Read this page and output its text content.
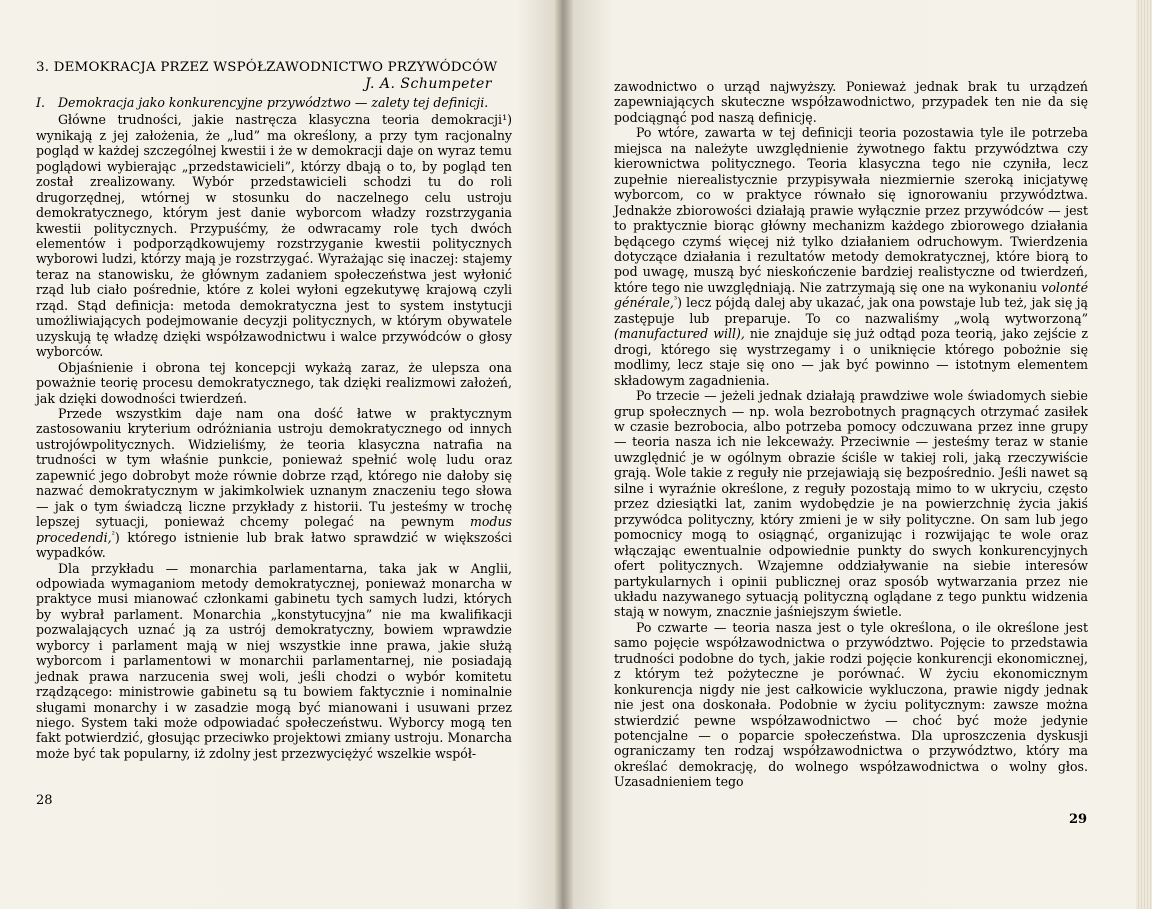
3. DEMOKRACJA PRZEZ WSPÓŁZAWODNICTWO PRZYWÓDCÓW

J. A. Schumpeter

I. Demokracja jako konkurencyjne przywództwo — zalety tej definicji.

Główne trudności, jakie nastręcza klasyczna teoria demokracji¹) wynikają z jej założenia, że „lud” ma określony, a przy tym racjonalny pogląd w każdej szczególnej kwestii i że w demokracji daje on wyraz temu poglądowi wybierając „przedstawicieli”, którzy dbają o to, by pogląd ten został zrealizowany. Wybór przedstawicieli schodzi tu do roli drugorzędnej, wtórnej w stosunku do naczelnego celu ustroju demokratycznego, którym jest danie wyborcom władzy rozstrzygania kwestii politycznych. Przypuśćmy, że odwracamy role tych dwóch elementów i podporządkowujemy rozstrzyganie kwestii politycznych wyborowi ludzi, którzy mają je rozstrzygać. Wyrażając się inaczej: stajemy teraz na stanowisku, że głównym zadaniem społeczeństwa jest wyłonić rząd lub ciało pośrednie, które z kolei wyłoni egzekutywę krajową czyli rząd. Stąd definicja: metoda demokratyczna jest to system instytucji umożliwiających podejmowanie decyzji politycznych, w którym obywatele uzyskują tę władzę dzięki współzawodnictwu i walce przywódców o głosy wyborców.

Objaśnienie i obrona tej koncepcji wykażą zaraz, że ulepsza ona poważnie teorię procesu demokratycznego, tak dzięki realizmowi założeń, jak dzięki dowodności twierdzeń.

Przede wszystkim daje nam ona dość łatwe w praktycznym zastosowaniu kryterium odróżniania ustroju demokratycznego od innych ustrojówpolitycznych. Widzieliśmy, że teoria klasyczna natrafia na trudności w tym właśnie punkcie, ponieważ spełnić wolę ludu oraz zapewnić jego dobrobyt może równie dobrze rząd, którego nie dałoby się nazwać demokratycznym w jakimkolwiek uznanym znaczeniu tego słowa — jak o tym świadczą liczne przykłady z historii. Tu jesteśmy w trochę lepszej sytuacji, ponieważ chcemy polegać na pewnym modus procedendi,$^{^2}$) którego istnienie lub brak łatwo sprawdzić w większości wypadków.

Dla przykładu — monarchia parlamentarna, taka jak w Anglii, odpowiada wymaganiom metody demokratycznej, ponieważ monarcha w praktyce musi mianować członkami gabinetu tych samych ludzi, których by wybrał parlament. Monarchia „konstytucyjna” nie ma kwalifikacji pozwalających uznać ją za ustrój demokratyczny, bowiem wprawdzie wyborcy i parlament mają w niej wszystkie inne prawa, jakie służą wyborcom i parlamentowi w monarchii parlamentarnej, nie posiadają jednak prawa narzucenia swej woli, jeśli chodzi o wybór komitetu rządzącego: ministrowie gabinetu są tu bowiem faktycznie i nominalnie sługami monarchy i w zasadzie mogą być mianowani i usuwani przez niego. System taki może odpowiadać społeczeństwu. Wyborcy mogą ten fakt potwierdzić, głosując przeciwko projektowi zmiany ustroju. Monarcha może być tak popularny, iż zdolny jest przezwyciężyć wszelkie współ-

28

zawodnictwo o urząd najwyższy. Ponieważ jednak brak tu urządzeń zapewniających skuteczne współzawodnictwo, przypadek ten nie da się podciągnąć pod naszą definicję.

Po wtóre, zawarta w tej definicji teoria pozostawia tyle ile potrzeba miejsca na należyte uwzględnienie żywotnego faktu przywództwa czy kierownictwa politycznego. Teoria klasyczna tego nie czyniła, lecz zupełnie nierealistycznie przypisywała niezmiernie szeroką inicjatywę wyborcom, co w praktyce równało się ignorowaniu przywództwa. Jednakże zbiorowości działają prawie wyłącznie przez przywódców — jest to praktycznie biorąc główny mechanizm każdego zbiorowego działania będącego czymś więcej niż tylko działaniem odruchowym. Twierdzenia dotyczące działania i rezultatów metody demokratycznej, które biorą to pod uwagę, muszą być nieskończenie bardziej realistyczne od twierdzeń, które tego nie uwzględniają. Nie zatrzymają się one na wykonaniu volonté générale,$^{^3}$) lecz pójdą dalej aby ukazać, jak ona powstaje lub też, jak się ją zastępuje lub preparuje. To co nazwaliśmy „wolą wytworzoną” (manufactured will), nie znajduje się już odtąd poza teorią, jako zejście z drogi, którego się wystrzegamy i o uniknięcie którego pobożnie się modlimy, lecz staje się ono — jak być powinno — istotnym elementem składowym zagadnienia.

Po trzecie — jeżeli jednak działają prawdziwe wole świadomych siebie grup społecznych — np. wola bezrobotnych pragnących otrzymać zasiłek w czasie bezrobocia, albo potrzeba pomocy odczuwana przez inne grupy — teoria nasza ich nie lekceważy. Przeciwnie — jesteśmy teraz w stanie uwzględnić je w ogólnym obrazie ściśle w takiej roli, jaką rzeczywiście grają. Wole takie z reguły nie przejawiają się bezpośrednio. Jeśli nawet są silne i wyraźnie określone, z reguły pozostają mimo to w ukryciu, często przez dziesiątki lat, zanim wydobędzie je na powierzchnię życia jakiś przywódca polityczny, który zmieni je w siły polityczne. On sam lub jego pomocnicy mogą to osiągnąć, organizując i rozwijając te wole oraz włączając ewentualnie odpowiednie punkty do swych konkurencyjnych ofert politycznych. Wzajemne oddziaływanie na siebie interesów partykularnych i opinii publicznej oraz sposób wytwarzania przez nie układu nazywanego sytuacją polityczną oglądane z tego punktu widzenia stają w nowym, znacznie jaśniejszym świetle.

Po czwarte — teoria nasza jest o tyle określona, o ile określone jest samo pojęcie współzawodnictwa o przywództwo. Pojęcie to przedstawia trudności podobne do tych, jakie rodzi pojęcie konkurencji ekonomicznej, z którym też pożyteczne je porównać. W życiu ekonomicznym konkurencja nigdy nie jest całkowicie wykluczona, prawie nigdy jednak nie jest ona doskonała. Podobnie w życiu politycznym: zawsze można stwierdzić pewne współzawodnictwo — choć być może jedynie potencjalne — o poparcie społeczeństwa. Dla uproszczenia dyskusji ograniczamy ten rodzaj współzawodnictwa o przywództwo, który ma określać demokrację, do wolnego współzawodnictwa o wolny głos. Uzasadnieniem tego

29
